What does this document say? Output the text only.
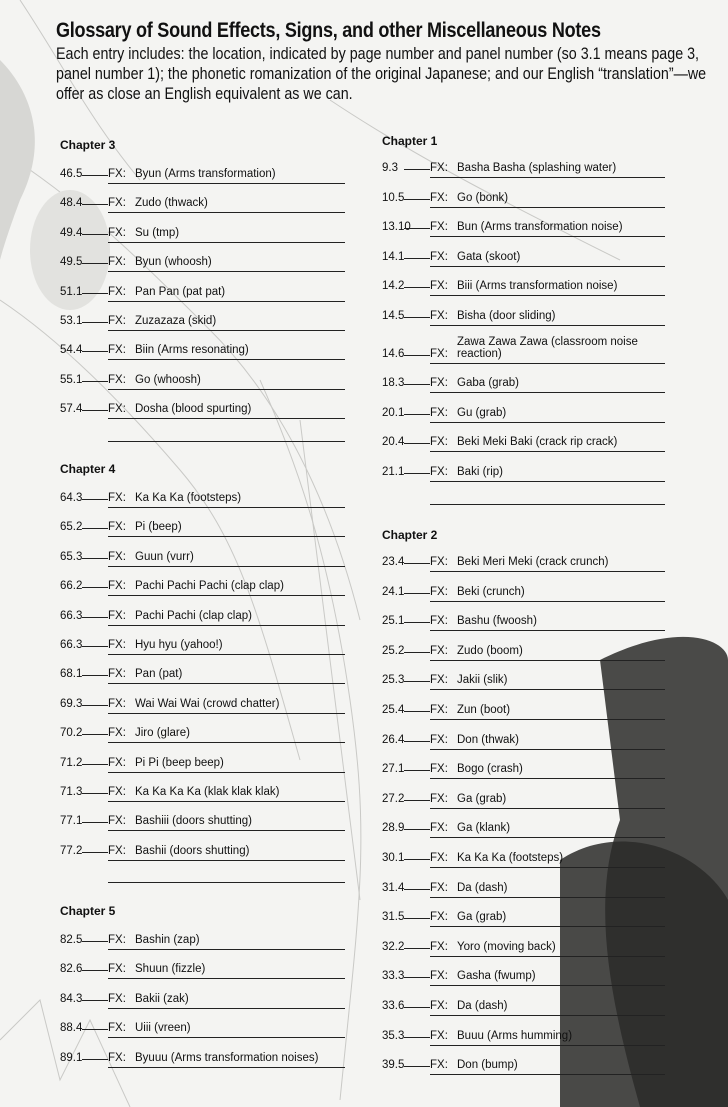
Glossary of Sound Effects, Signs, and other Miscellaneous Notes
Each entry includes: the location, indicated by page number and panel number (so 3.1 means page 3, panel number 1); the phonetic romanization of the original Japanese; and our English “translation”—we offer as close an English equivalent as we can.
Chapter 3
46.5	FX: Byun (Arms transformation)
48.4	FX: Zudo (thwack)
49.4	FX: Su (tmp)
49.5	FX: Byun (whoosh)
51.1	FX: Pan Pan (pat pat)
53.1	FX: Zuzazaza (skid)
54.4	FX: Biin (Arms resonating)
55.1	FX: Go (whoosh)
57.4	FX: Dosha (blood spurting)
Chapter 4
64.3	FX: Ka Ka Ka (footsteps)
65.2	FX: Pi (beep)
65.3	FX: Guun (vurr)
66.2	FX: Pachi Pachi Pachi (clap clap)
66.3	FX: Pachi Pachi (clap clap)
66.3	FX: Hyu hyu (yahoo!)
68.1	FX: Pan (pat)
69.3	FX: Wai Wai Wai (crowd chatter)
70.2	FX: Jiro (glare)
71.2	FX: Pi Pi (beep beep)
71.3	FX: Ka Ka Ka Ka (klak klak klak)
77.1	FX: Bashiii (doors shutting)
77.2	FX: Bashii (doors shutting)
Chapter 5
82.5	FX: Bashin (zap)
82.6	FX: Shuun (fizzle)
84.3	FX: Bakii (zak)
88.4	FX: Uiii (vreen)
89.1	FX: Byuuu (Arms transformation noises)
Chapter 1
9.3	FX: Basha Basha (splashing water)
10.5	FX: Go (bonk)
13.10	FX: Bun (Arms transformation noise)
14.1	FX: Gata (skoot)
14.2	FX: Biii (Arms transformation noise)
14.5	FX: Bisha (door sliding)
14.6	FX:
Zawa Zawa Zawa (classroom noise reaction)
18.3	FX: Gaba (grab)
20.1	FX: Gu (grab)
20.4	FX: Beki Meki Baki (crack rip crack)
21.1	FX: Baki (rip)
Chapter 2
23.4	FX: Beki Meri Meki (crack crunch)
24.1	FX: Beki (crunch)
25.1	FX: Bashu (fwoosh)
25.2	FX: Zudo (boom)
25.3	FX: Jakii (slik)
25.4	FX: Zun (boot)
26.4	FX: Don (thwak)
27.1	FX: Bogo (crash)
27.2	FX: Ga (grab)
28.9	FX: Ga (klank)
30.1	FX: Ka Ka Ka (footsteps)
31.4	FX: Da (dash)
31.5	FX: Ga (grab)
32.2	FX: Yoro (moving back)
33.3	FX: Gasha (fwump)
33.6	FX: Da (dash)
35.3	FX: Buuu (Arms humming)
39.5	FX: Don (bump)
